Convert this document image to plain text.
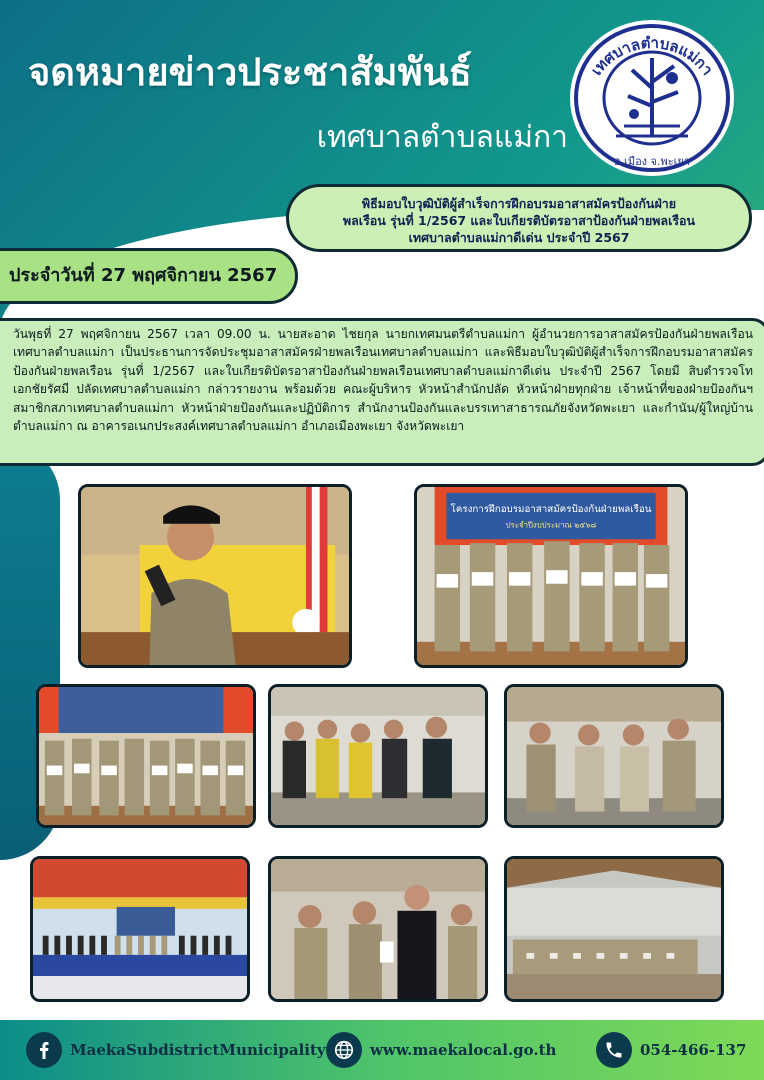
จดหมายข่าวประชาสัมพันธ์
เทศบาลตำบลแม่กา
เทศบาลตำบลแม่กา
อ.เมือง จ.พะเยา
พิธีมอบใบวุฒิบัติผู้สำเร็จการฝึกอบรมอาสาสมัครป้องกันฝ่าย
พลเรือน รุ่นที่ 1/2567 และใบเกียรติบัตรอาสาป้องกันฝ่ายพลเรือน
เทศบาลตำบลแม่กาดีเด่น ประจำปี 2567
ประจำวันที่ 27 พฤศจิกายน 2567
วันพุธที่ 27 พฤศจิกายน 2567 เวลา 09.00 น. นายสะอาด ไชยกุล นายกเทศมนตรีตำบลแม่กา ผู้อำนวยการอาสาสมัครป้องกันฝ่ายพลเรือนเทศบาลตำบลแม่กา เป็นประธานการจัดประชุมอาสาสมัครฝ่ายพลเรือนเทศบาลตำบลแม่กา และพิธีมอบใบวุฒิบัติผู้สำเร็จการฝึกอบรมอาสาสมัครป้องกันฝ่ายพลเรือน รุ่นที่ 1/2567 และใบเกียรติบัตรอาสาป้องกันฝ่ายพลเรือนเทศบาลตำบลแม่กาดีเด่น ประจำปี 2567 โดยมี สิบตำรวจโท เอกชัยรัศมี ปลัดเทศบาลตำบลแม่กา กล่าวรายงาน พร้อมด้วย คณะผู้บริหาร หัวหน้าสำนักปลัด หัวหน้าฝ่ายทุกฝ่าย เจ้าหน้าที่ของฝ่ายป้องกันฯ สมาชิกสภาเทศบาลตำบลแม่กา หัวหน้าฝ่ายป้องกันและปฏิบัติการ สำนักงานป้องกันและบรรเทาสาธารณภัยจังหวัดพะเยา และกำนัน/ผู้ใหญ่บ้านตำบลแม่กา ณ อาคารอเนกประสงค์เทศบาลตำบลแม่กา อำเภอเมืองพะเยา จังหวัดพะเยา
โครงการฝึกอบรมอาสาสมัครป้องกันฝ่ายพลเรือน
ประจำปีงบประมาณ ๒๕๖๘
MaekaSubdistrictMunicipality	www.maekalocal.go.th	054-466-137
